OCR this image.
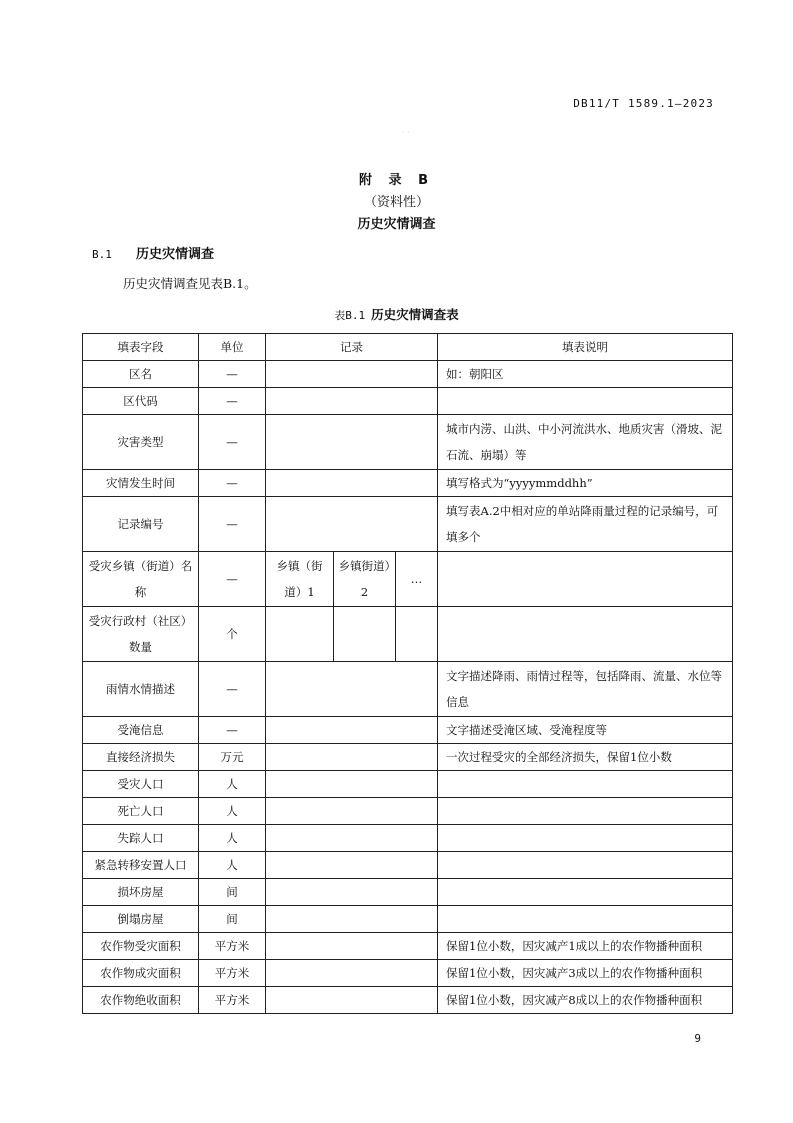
DB11/T 1589.1—2023
· ·
附 录 B
（资料性）
历史灾情调查
B.1 历史灾情调查
历史灾情调查见表B.1。
表B.1 历史灾情调查表
填表字段	单位	记录			填表说明
区名	—				如：朝阳区
区代码	—				
灾害类型	—				城市内涝、山洪、中小河流洪水、地质灾害（滑坡、泥石流、崩塌）等
灾情发生时间	—				填写格式为“yyyymmddhh”
记录编号	—				填写表A.2中相对应的单站降雨量过程的记录编号，可填多个
受灾乡镇（街道）名称	—	乡镇（街道）1	乡镇街道）2	…	
受灾行政村（社区）数量	个				
雨情水情描述	—				文字描述降雨、雨情过程等，包括降雨、流量、水位等信息
受淹信息	—				文字描述受淹区域、受淹程度等
直接经济损失	万元				一次过程受灾的全部经济损失，保留1位小数
受灾人口	人				
死亡人口	人				
失踪人口	人				
紧急转移安置人口	人				
损坏房屋	间				
倒塌房屋	间				
农作物受灾面积	平方米				保留1位小数，因灾减产1成以上的农作物播种面积
农作物成灾面积	平方米				保留1位小数，因灾减产3成以上的农作物播种面积
农作物绝收面积	平方米				保留1位小数，因灾减产8成以上的农作物播种面积
9
